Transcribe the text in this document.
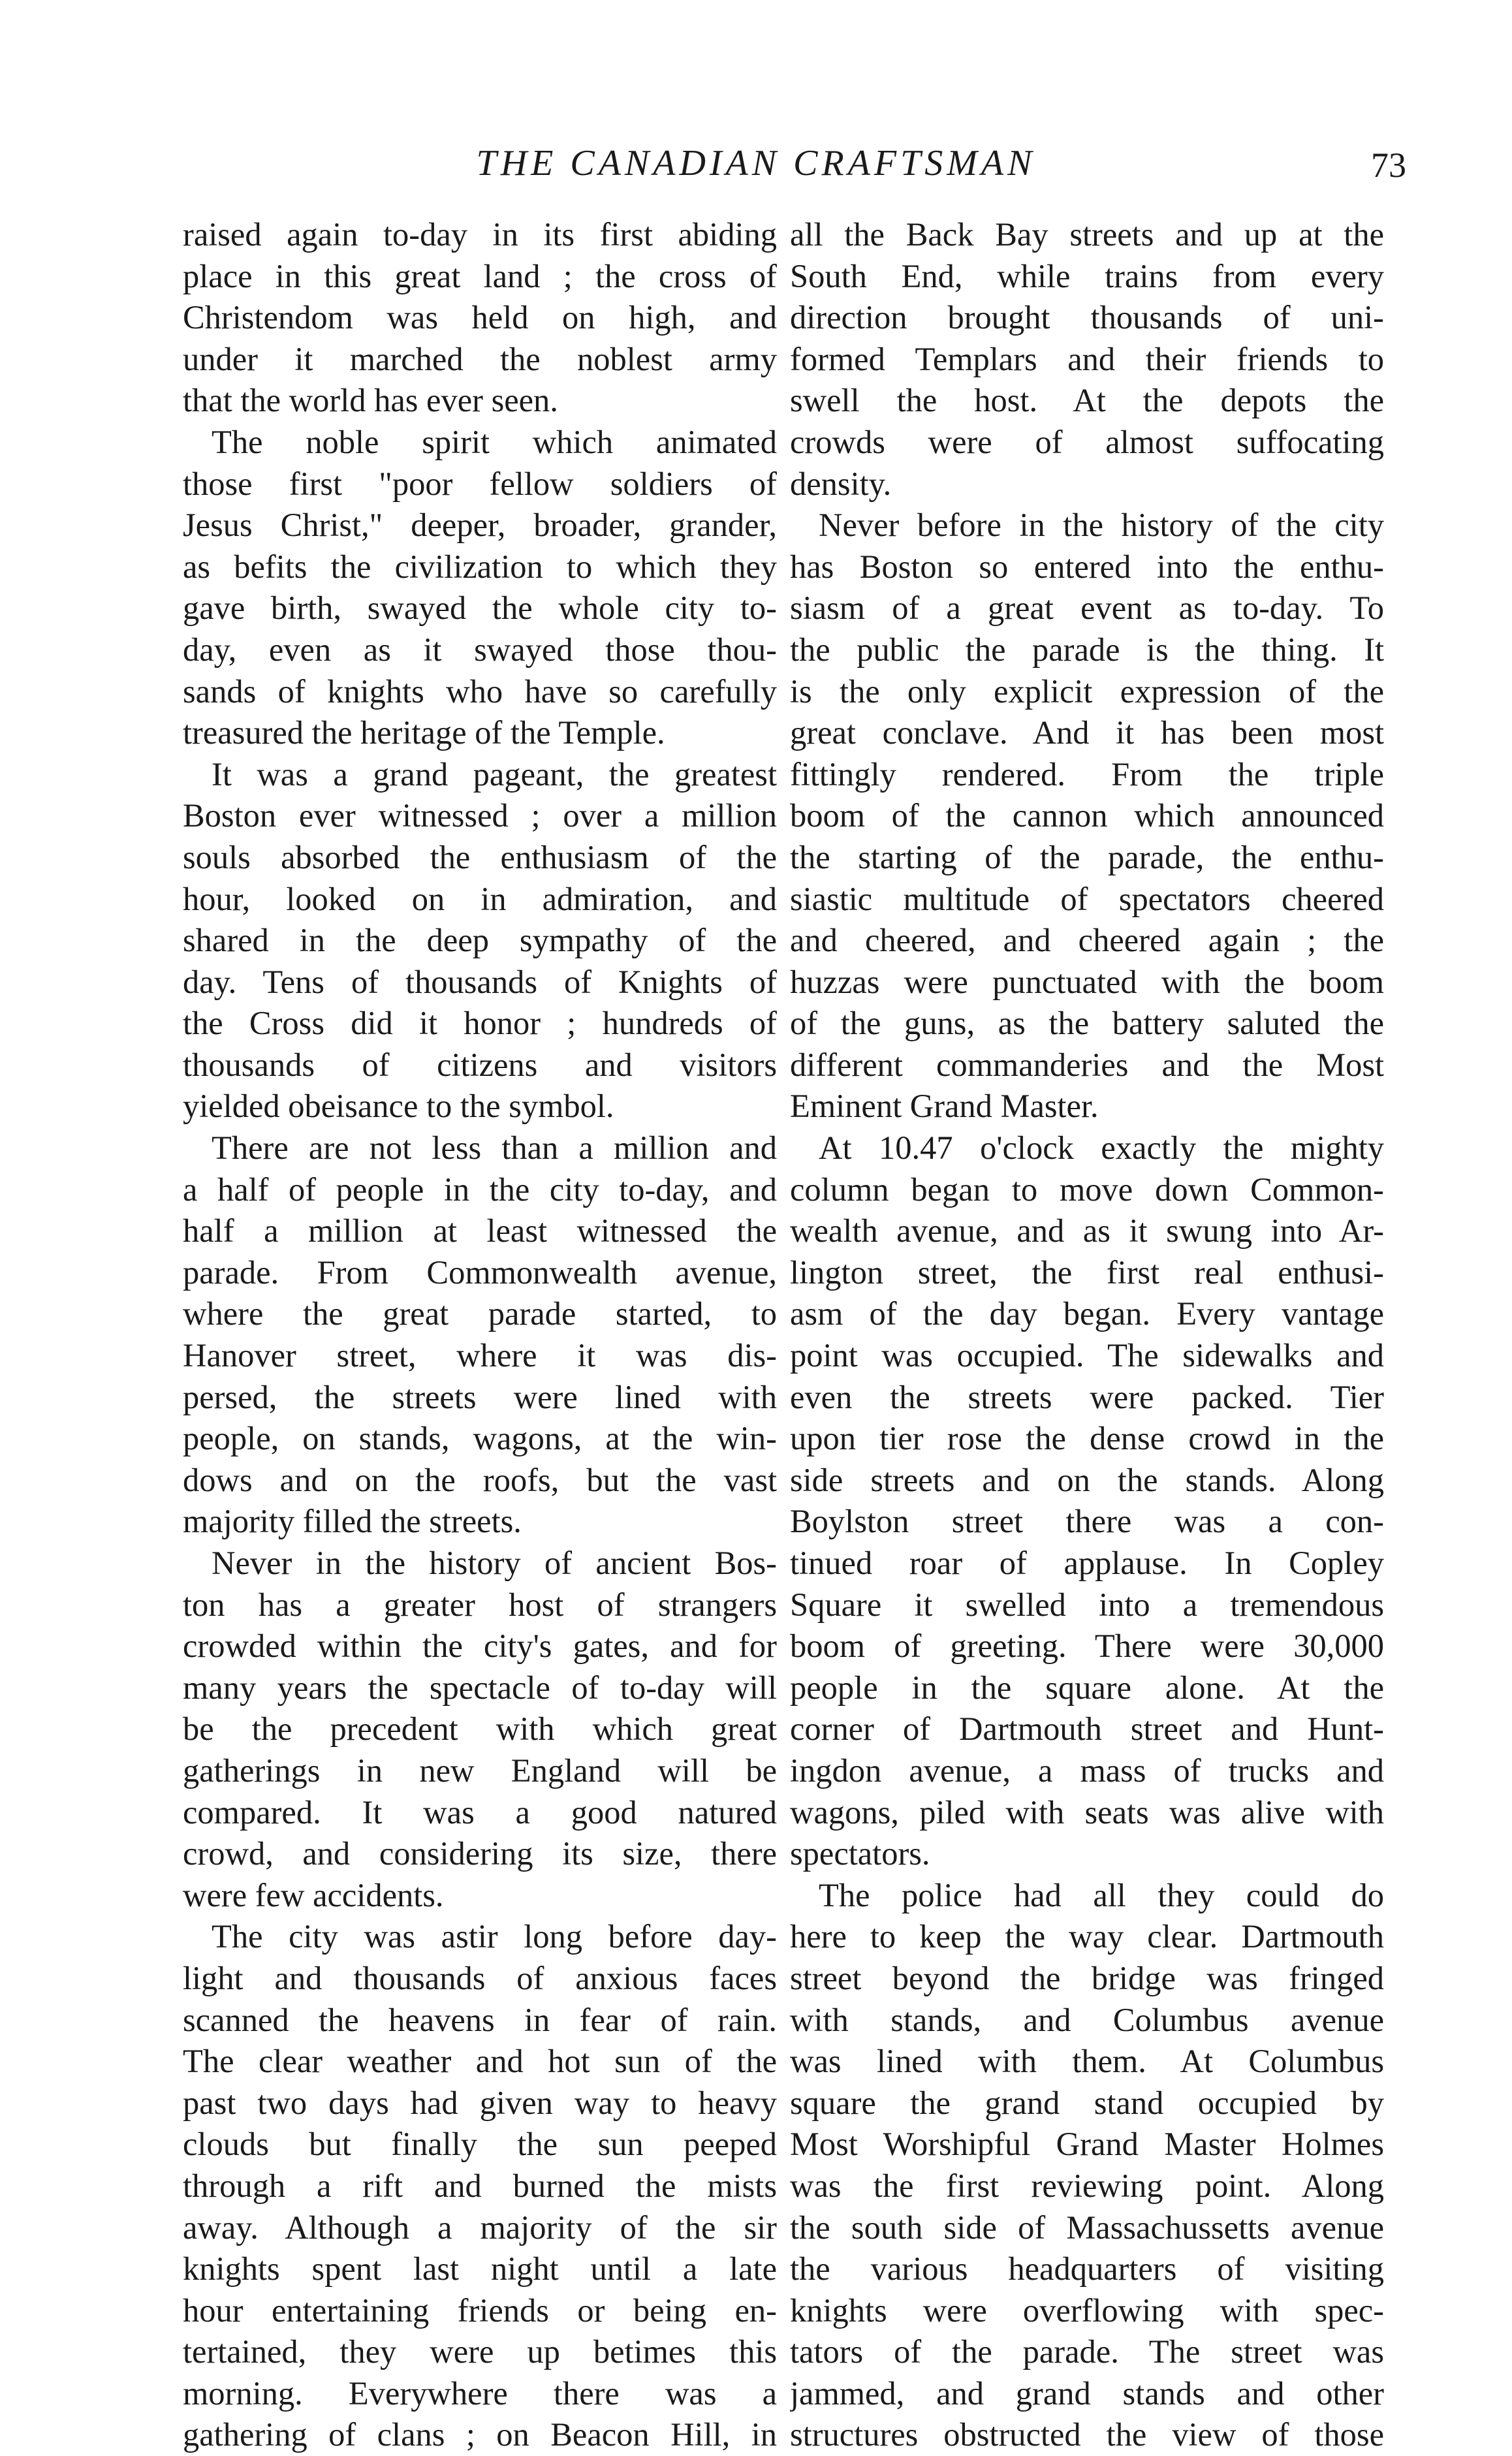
THE CANADIAN CRAFTSMAN	73
raised again to-day in its first abiding
place in this great land ; the cross of
Christendom was held on high, and
under it marched the noblest army
that the world has ever seen.
The noble spirit which animated
those first "poor fellow soldiers of
Jesus Christ," deeper, broader, grander,
as befits the civilization to which they
gave birth, swayed the whole city to-
day, even as it swayed those thou-
sands of knights who have so carefully
treasured the heritage of the Temple.
It was a grand pageant, the greatest
Boston ever witnessed ; over a million
souls absorbed the enthusiasm of the
hour, looked on in admiration, and
shared in the deep sympathy of the
day. Tens of thousands of Knights of
the Cross did it honor ; hundreds of
thousands of citizens and visitors
yielded obeisance to the symbol.
There are not less than a million and
a half of people in the city to-day, and
half a million at least witnessed the
parade. From Commonwealth avenue,
where the great parade started, to
Hanover street, where it was dis-
persed, the streets were lined with
people, on stands, wagons, at the win-
dows and on the roofs, but the vast
majority filled the streets.
Never in the history of ancient Bos-
ton has a greater host of strangers
crowded within the city's gates, and for
many years the spectacle of to-day will
be the precedent with which great
gatherings in new England will be
compared. It was a good natured
crowd, and considering its size, there
were few accidents.
The city was astir long before day-
light and thousands of anxious faces
scanned the heavens in fear of rain.
The clear weather and hot sun of the
past two days had given way to heavy
clouds but finally the sun peeped
through a rift and burned the mists
away. Although a majority of the sir
knights spent last night until a late
hour entertaining friends or being en-
tertained, they were up betimes this
morning. Everywhere there was a
gathering of clans ; on Beacon Hill, in
all the Back Bay streets and up at the
South End, while trains from every
direction brought thousands of uni-
formed Templars and their friends to
swell the host. At the depots the
crowds were of almost suffocating
density.
Never before in the history of the city
has Boston so entered into the enthu-
siasm of a great event as to-day. To
the public the parade is the thing. It
is the only explicit expression of the
great conclave. And it has been most
fittingly rendered. From the triple
boom of the cannon which announced
the starting of the parade, the enthu-
siastic multitude of spectators cheered
and cheered, and cheered again ; the
huzzas were punctuated with the boom
of the guns, as the battery saluted the
different commanderies and the Most
Eminent Grand Master.
At 10.47 o'clock exactly the mighty
column began to move down Common-
wealth avenue, and as it swung into Ar-
lington street, the first real enthusi-
asm of the day began. Every vantage
point was occupied. The sidewalks and
even the streets were packed. Tier
upon tier rose the dense crowd in the
side streets and on the stands. Along
Boylston street there was a con-
tinued roar of applause. In Copley
Square it swelled into a tremendous
boom of greeting. There were 30,000
people in the square alone. At the
corner of Dartmouth street and Hunt-
ingdon avenue, a mass of trucks and
wagons, piled with seats was alive with
spectators.
The police had all they could do
here to keep the way clear. Dartmouth
street beyond the bridge was fringed
with stands, and Columbus avenue
was lined with them. At Columbus
square the grand stand occupied by
Most Worshipful Grand Master Holmes
was the first reviewing point. Along
the south side of Massachussetts avenue
the various headquarters of visiting
knights were overflowing with spec-
tators of the parade. The street was
jammed, and grand stands and other
structures obstructed the view of those
